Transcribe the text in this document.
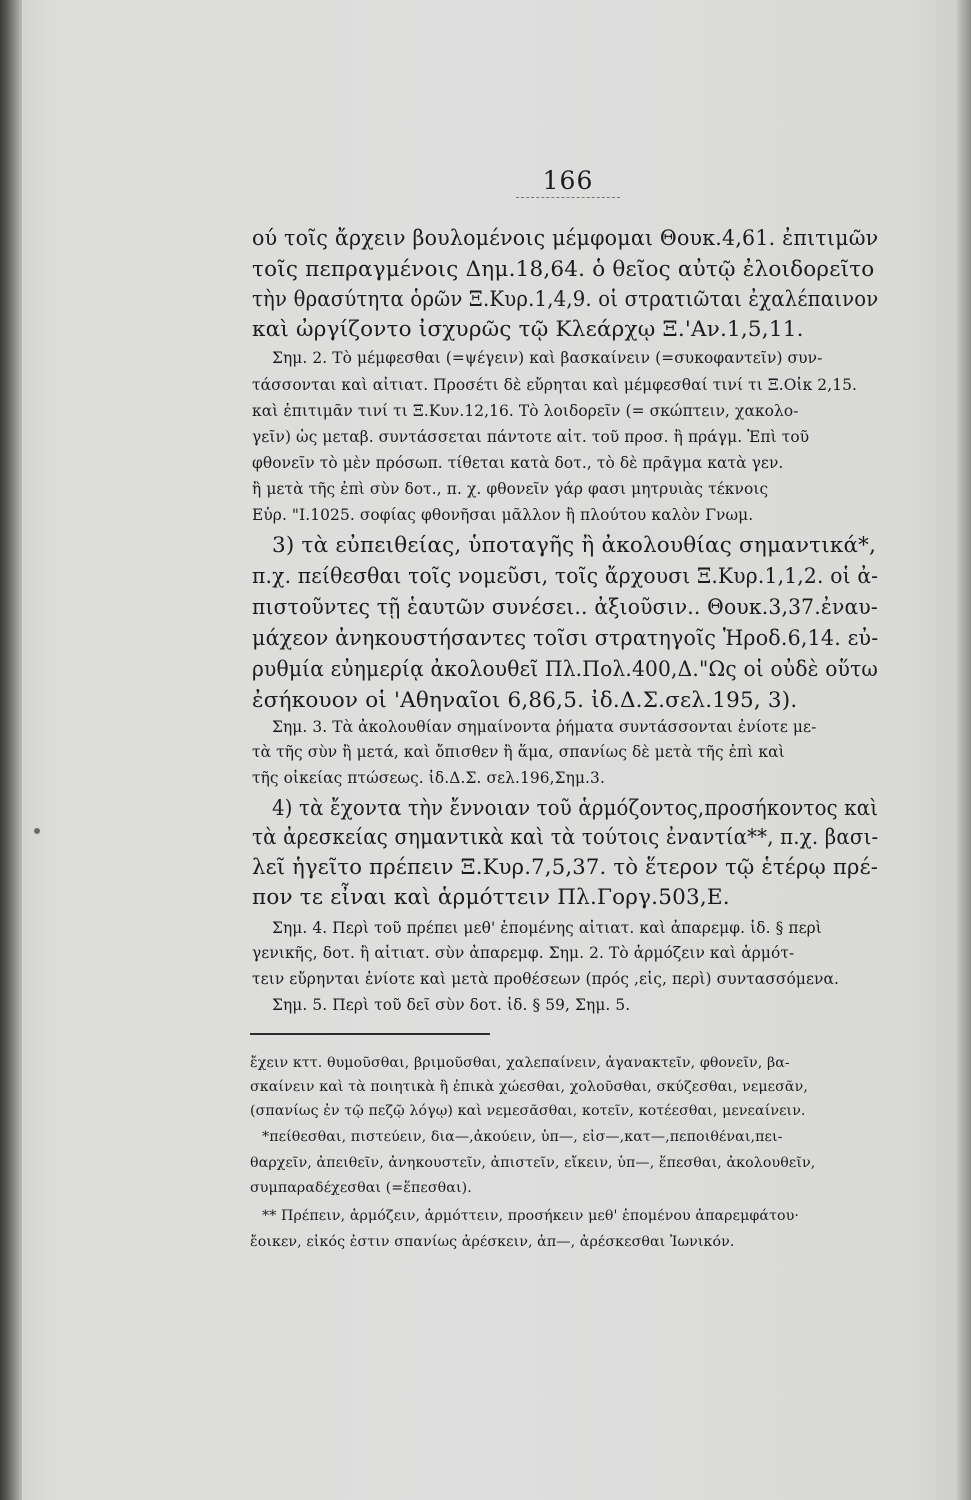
166
ού τοῖς ἄρχειν βουλομένοις μέμφομαι Θουκ.4,61. ἐπιτιμῶν
τοῖς πεπραγμένοις Δημ.18,64. ὁ θεῖος αὐτῷ ἐλοιδορεῖτο
τὴν θρασύτητα ὁρῶν Ξ.Κυρ.1,4,9. οἱ στρατιῶται ἐχαλέπαινον
καὶ ὠργίζοντο ἰσχυρῶς τῷ Κλεάρχῳ Ξ.'Αν.1,5,11.
Σημ. 2. Τὸ μέμφεσθαι (=ψέγειν) καὶ βασκαίνειν (=συκοφαντεῖν) συν-
τάσσονται καὶ αἰτιατ. Προσέτι δὲ εὔρηται καὶ μέμφεσθαί τινί τι Ξ.Οἰκ 2,15.
καὶ ἐπιτιμᾶν τινί τι Ξ.Κυν.12,16. Τὸ λοιδορεῖν (= σκώπτειν, χακολο-
γεῖν) ὡς μεταβ. συντάσσεται πάντοτε αἰτ. τοῦ προσ. ἢ πράγμ. Ἐπὶ τοῦ
φθονεῖν τὸ μὲν πρόσωπ. τίθεται κατὰ δοτ., τὸ δὲ πρᾶγμα κατὰ γεν.
ἢ μετὰ τῆς ἐπὶ σὺν δοτ., π. χ. φθονεῖν γάρ φασι μητρυιὰς τέκνοις
Εὐρ. "Ι.1025. σοφίας φθονῆσαι μᾶλλον ἢ πλούτου καλὸν Γνωμ.
3) τὰ εὐπειθείας, ὑποταγῆς ἢ ἀκολουθίας σημαντικά*,
π.χ. πείθεσθαι τοῖς νομεῦσι, τοῖς ἄρχουσι Ξ.Κυρ.1,1,2. οἱ ἀ-
πιστοῦντες τῇ ἑαυτῶν συνέσει.. ἀξιοῦσιν.. Θουκ.3,37.ἐναυ-
μάχεον ἀνηκουστήσαντες τοῖσι στρατηγοῖς Ἡροδ.6,14. εὐ-
ρυθμία εὐημερίᾳ ἀκολουθεῖ Πλ.Πολ.400,Δ."Ως οἱ οὐδὲ οὕτω
ἐσήκουον οἱ 'Αθηναῖοι 6,86,5. ἰδ.Δ.Σ.σελ.195, 3).
Σημ. 3. Τὰ ἀκολουθίαν σημαίνοντα ῥήματα συντάσσονται ἐνίοτε με-
τὰ τῆς σὺν ἢ μετά, καὶ ὄπισθεν ἢ ἅμα, σπανίως δὲ μετὰ τῆς ἐπὶ καὶ
τῆς οἰκείας πτώσεως. ἰδ.Δ.Σ. σελ.196,Σημ.3.
4) τὰ ἔχοντα τὴν ἔννοιαν τοῦ ἁρμόζοντος,προσήκοντος καὶ
τὰ ἀρεσκείας σημαντικὰ καὶ τὰ τούτοις ἐναντία**, π.χ. βασι-
λεῖ ἡγεῖτο πρέπειν Ξ.Κυρ.7,5,37. τὸ ἕτερον τῷ ἑτέρῳ πρέ-
πον τε εἶναι καὶ ἁρμόττειν Πλ.Γοργ.503,Ε.
Σημ. 4. Περὶ τοῦ πρέπει μεθ' ἑπομένης αἰτιατ. καὶ ἀπαρεμφ. ἰδ. § περὶ
γενικῆς, δοτ. ἢ αἰτιατ. σὺν ἀπαρεμφ. Σημ. 2. Τὸ ἁρμόζειν καὶ ἁρμότ-
τειν εὔρηνται ἐνίοτε καὶ μετὰ προθέσεων (πρός ,εἰς, περὶ) συντασσόμενα.
Σημ. 5. Περὶ τοῦ δεῖ σὺν δοτ. ἰδ. § 59, Σημ. 5.
ἔχειν κττ. θυμοῦσθαι, βριμοῦσθαι, χαλεπαίνειν, ἀγανακτεῖν, φθονεῖν, βα-
σκαίνειν καὶ τὰ ποιητικὰ ἢ ἐπικὰ χώεσθαι, χολοῦσθαι, σκύζεσθαι, νεμεσᾶν,
(σπανίως ἐν τῷ πεζῷ λόγῳ) καὶ νεμεσᾶσθαι, κοτεῖν, κοτέεσθαι, μενεαίνειν.
*πείθεσθαι, πιστεύειν, δια—,ἀκούειν, ὑπ—, εἰσ—,κατ—,πεποιθέναι,πει-
θαρχεῖν, ἀπειθεῖν, ἀνηκουστεῖν, ἀπιστεῖν, εἴκειν, ὑπ—, ἕπεσθαι, ἀκολουθεῖν,
συμπαραδέχεσθαι (=ἕπεσθαι).
** Πρέπειν, ἁρμόζειν, ἁρμόττειν, προσήκειν μεθ' ἑπομένου ἀπαρεμφάτου·
ἔοικεν, εἰκός ἐστιν σπανίως ἀρέσκειν, ἀπ—, ἀρέσκεσθαι Ἰωνικόν.
